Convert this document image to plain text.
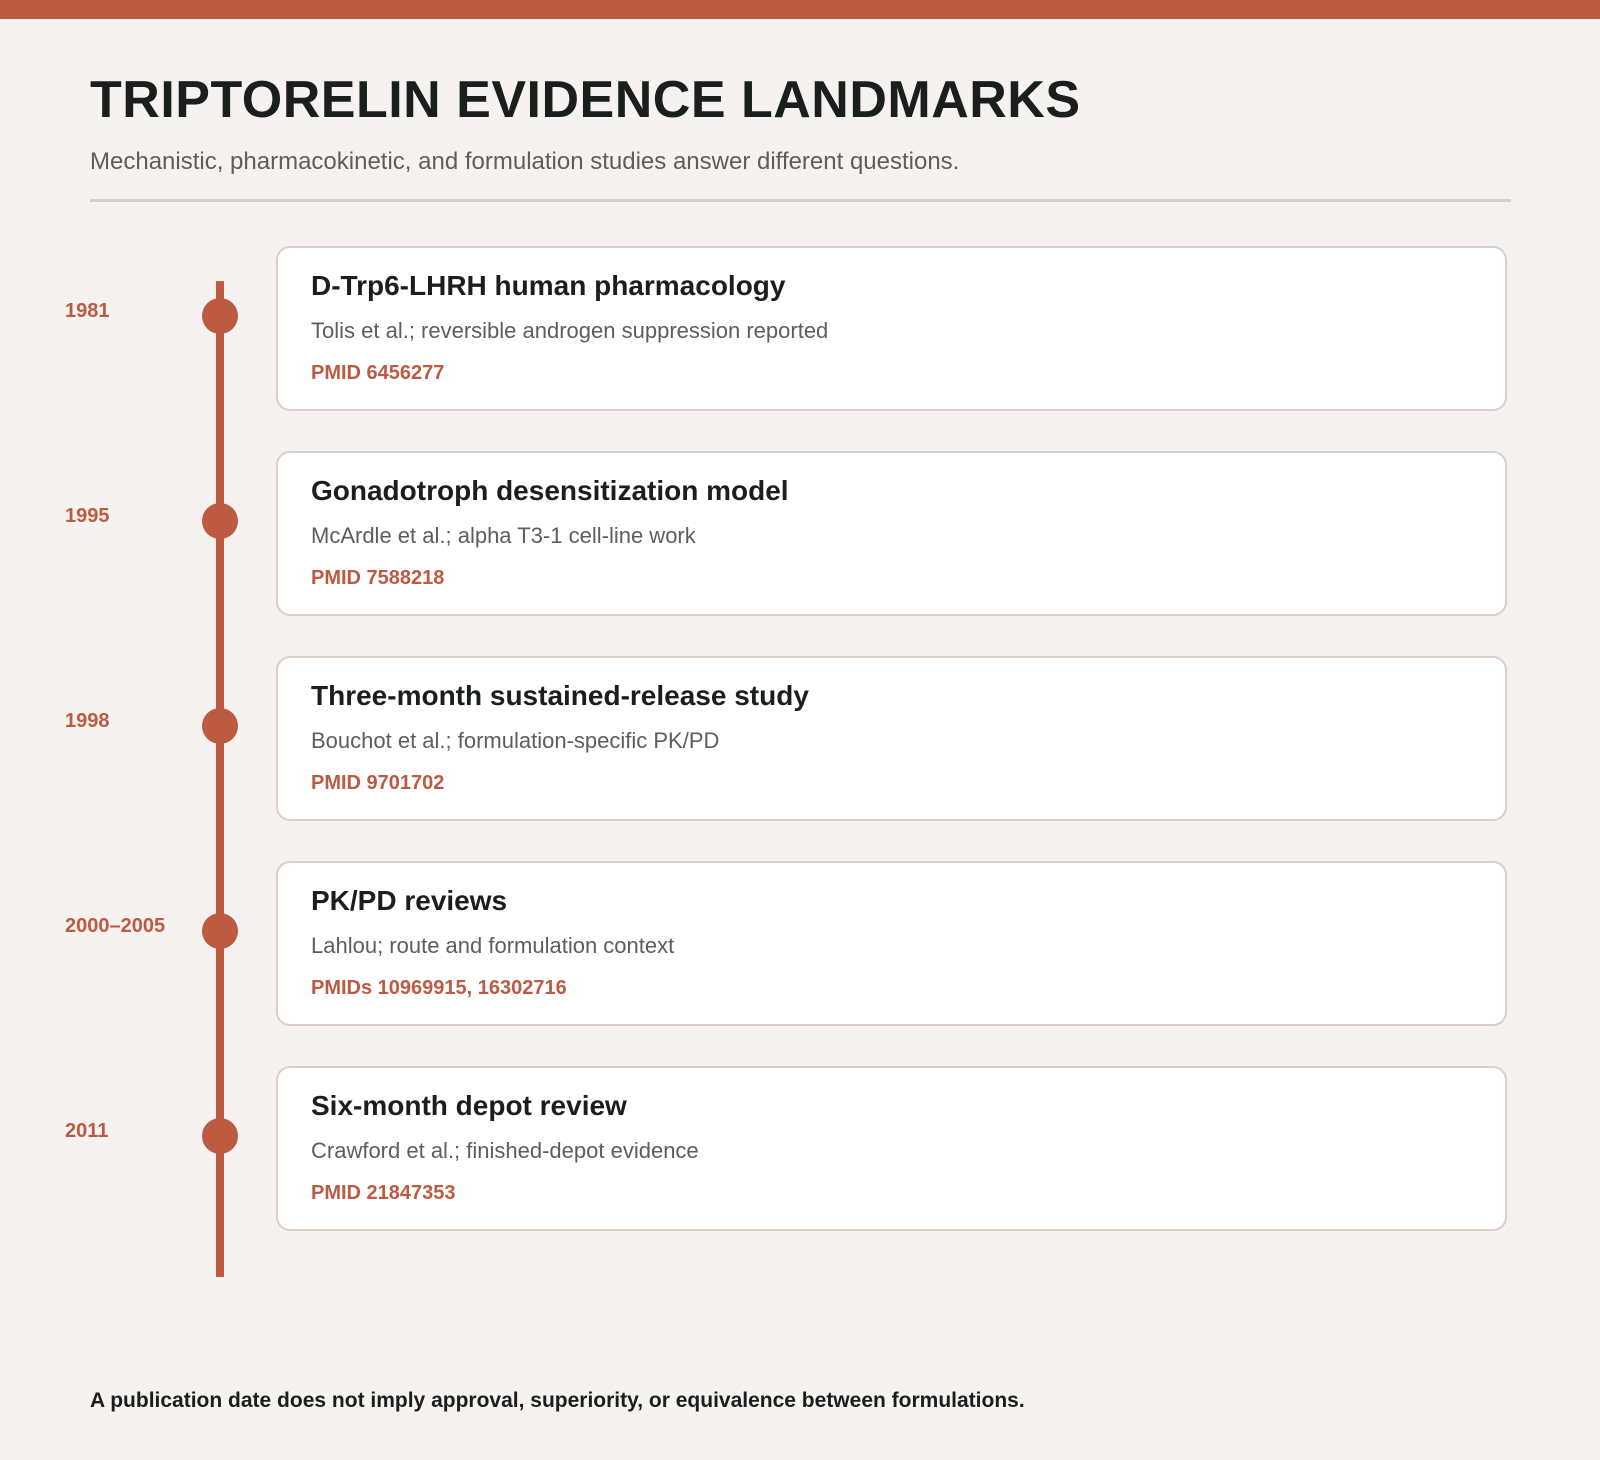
TRIPTORELIN EVIDENCE LANDMARKS

Mechanistic, pharmacokinetic, and formulation studies answer different questions.

1981
D-Trp6-LHRH human pharmacology
Tolis et al.; reversible androgen suppression reported
PMID 6456277
1995
Gonadotroph desensitization model
McArdle et al.; alpha T3-1 cell-line work
PMID 7588218
1998
Three-month sustained-release study
Bouchot et al.; formulation-specific PK/PD
PMID 9701702
2000–2005
PK/PD reviews
Lahlou; route and formulation context
PMIDs 10969915, 16302716
2011
Six-month depot review
Crawford et al.; finished-depot evidence
PMID 21847353

A publication date does not imply approval, superiority, or equivalence between formulations.
